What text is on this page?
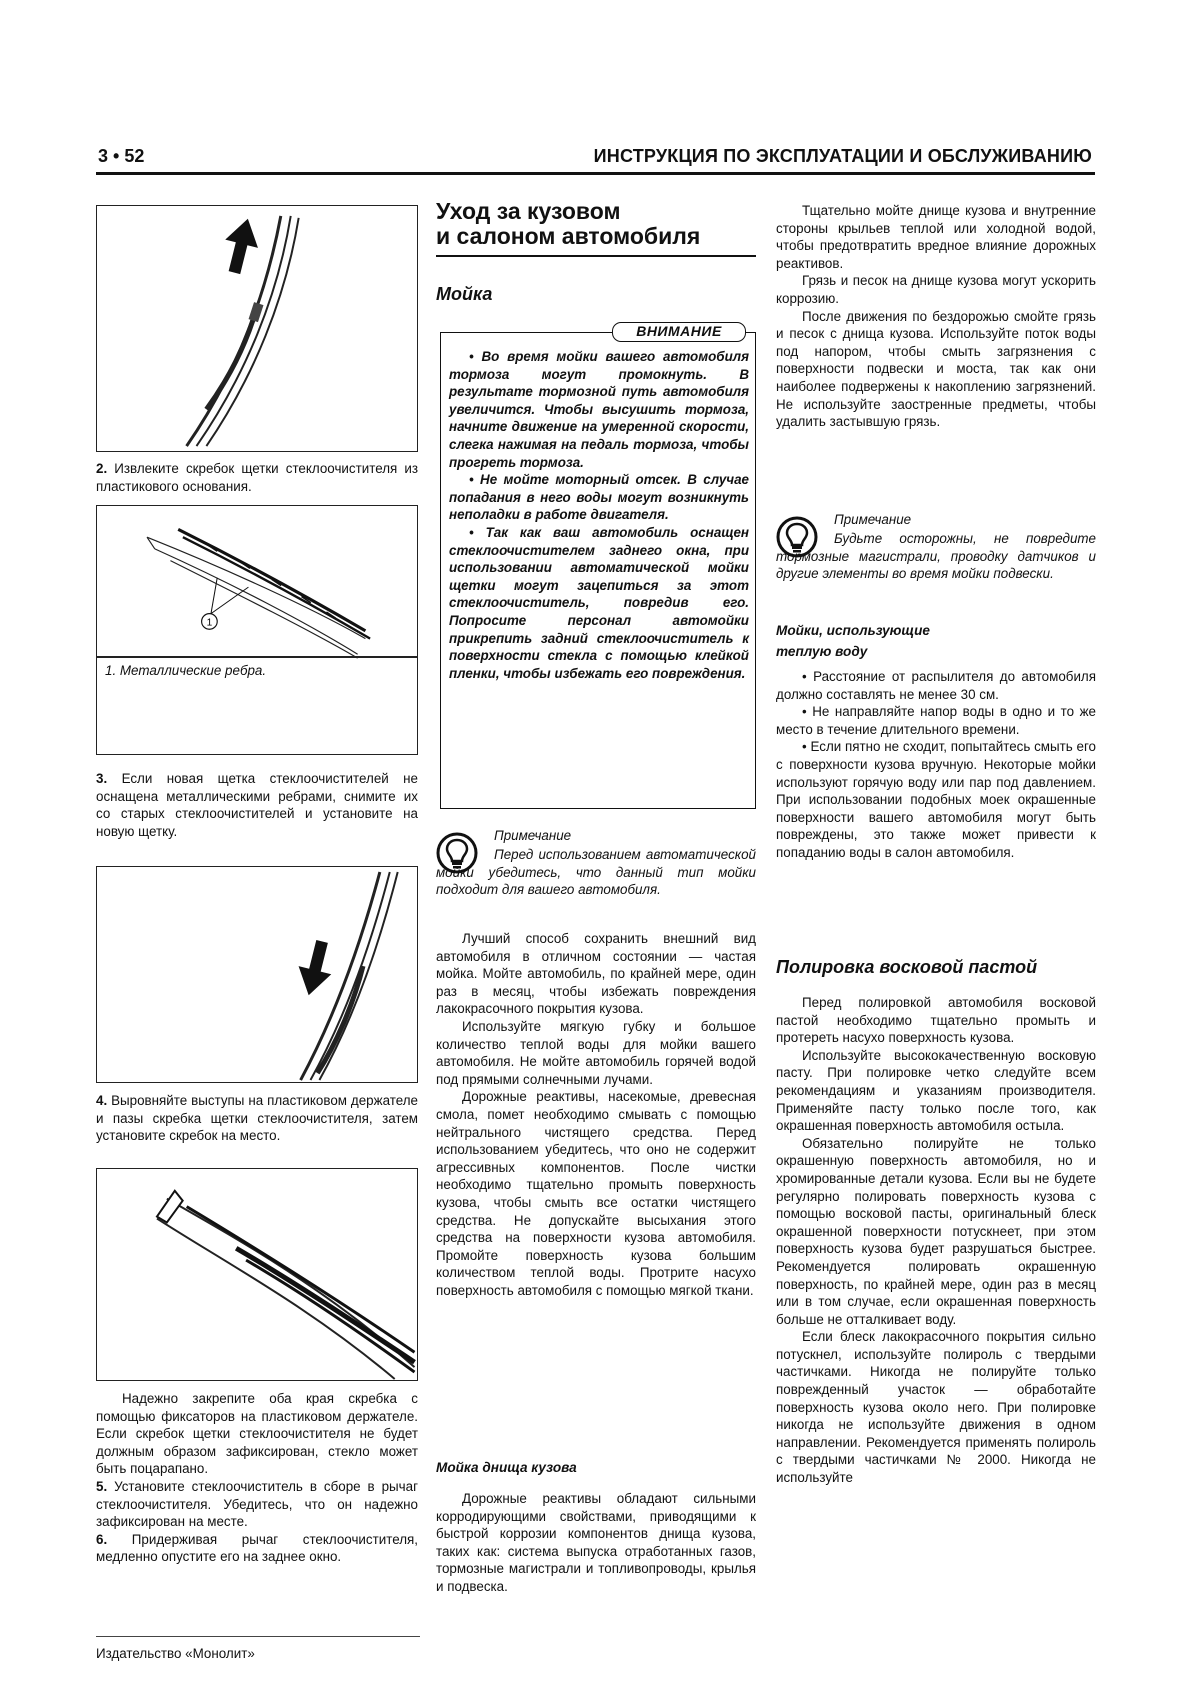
3 • 52	ИНСТРУКЦИЯ ПО ЭКСПЛУАТАЦИИ И ОБСЛУЖИВАНИЮ
2. Извлеките скребок щетки стеклоочистителя из пластикового основания.
1
1. Металлические ребра.
3. Если новая щетка стеклоочистителей не оснащена металлическими ребрами, снимите их со старых стеклоочистителей и установите на новую щетку.
4. Выровняйте выступы на пластиковом держателе и пазы скребка щетки стеклоочистителя, затем установите скребок на место.

Надежно закрепите оба края скребка с помощью фиксаторов на пластиковом держателе. Если скребок щетки стеклоочистителя не будет должным образом зафиксирован, стекло может быть поцарапано.

5. Установите стеклоочиститель в сборе в рычаг стеклоочистителя. Убедитесь, что он надежно зафиксирован на месте.

6. Придерживая рычаг стеклоочистителя, медленно опустите его на заднее окно.

Уход за кузовом
и салоном автомобиля
Мойка
ВНИМАНИЕ

• Во время мойки вашего автомобиля тормоза могут промокнуть. В результате тормозной путь автомобиля увеличится. Чтобы высушить тормоза, начните движение на умеренной скорости, слегка нажимая на педаль тормоза, чтобы прогреть тормоза.

• Не мойте моторный отсек. В случае попадания в него воды могут возникнуть неполадки в работе двигателя.

• Так как ваш автомобиль оснащен стеклоочистителем заднего окна, при использовании автоматической мойки щетки могут зацепиться за этот стеклоочиститель, повредив его. Попросите персонал автомойки прикрепить задний стеклоочиститель к поверхности стекла с помощью клейкой пленки, чтобы избежать его повреждения.

Примечание
Перед использованием автоматической мойки убедитесь, что данный тип мойки подходит для вашего автомобиля.

Лучший способ сохранить внешний вид автомобиля в отличном состоянии — частая мойка. Мойте автомобиль, по крайней мере, один раз в месяц, чтобы избежать повреждения лакокрасочного покрытия кузова.

Используйте мягкую губку и большое количество теплой воды для мойки вашего автомобиля. Не мойте автомобиль горячей водой под прямыми солнечными лучами.

Дорожные реактивы, насекомые, древесная смола, помет необходимо смывать с помощью нейтрального чистящего средства. Перед использованием убедитесь, что оно не содержит агрессивных компонентов. После чистки необходимо тщательно промыть поверхность кузова, чтобы смыть все остатки чистящего средства. Не допускайте высыхания этого средства на поверхности кузова автомобиля. Промойте поверхность кузова большим количеством теплой воды. Протрите насухо поверхность автомобиля с помощью мягкой ткани.

Мойка днища кузова

Дорожные реактивы обладают сильными корродирующими свойствами, приводящими к быстрой коррозии компонентов днища кузова, таких как: система выпуска отработанных газов, тормозные магистрали и топливопроводы, крылья и подвеска.

Тщательно мойте днище кузова и внутренние стороны крыльев теплой или холодной водой, чтобы предотвратить вредное влияние дорожных реактивов.

Грязь и песок на днище кузова могут ускорить коррозию.

После движения по бездорожью смойте грязь и песок с днища кузова. Используйте поток воды под напором, чтобы смыть загрязнения с поверхности подвески и моста, так как они наиболее подвержены к накоплению загрязнений. Не используйте заостренные предметы, чтобы удалить застывшую грязь.

Примечание
Будьте осторожны, не повредите тормозные магистрали, проводку датчиков и другие элементы во время мойки подвески.
Мойки, использующие теплую воду

• Расстояние от распылителя до автомобиля должно составлять не менее 30 см.

• Не направляйте напор воды в одно и то же место в течение длительного времени.

• Если пятно не сходит, попытайтесь смыть его с поверхности кузова вручную. Некоторые мойки используют горячую воду или пар под давлением. При использовании подобных моек окрашенные поверхности вашего автомобиля могут быть повреждены, это также может привести к попаданию воды в салон автомобиля.

Полировка восковой пастой

Перед полировкой автомобиля восковой пастой необходимо тщательно промыть и протереть насухо поверхность кузова.

Используйте высококачественную восковую пасту. При полировке четко следуйте всем рекомендациям и указаниям производителя. Применяйте пасту только после того, как окрашенная поверхность автомобиля остыла.

Обязательно полируйте не только окрашенную поверхность автомобиля, но и хромированные детали кузова. Если вы не будете регулярно полировать поверхность кузова с помощью восковой пасты, оригинальный блеск окрашенной поверхности потускнеет, при этом поверхность кузова будет разрушаться быстрее. Рекомендуется полировать окрашенную поверхность, по крайней мере, один раз в месяц или в том случае, если окрашенная поверхность больше не отталкивает воду.

Если блеск лакокрасочного покрытия сильно потускнел, используйте полироль с твердыми частичками. Никогда не полируйте только поврежденный участок — обработайте поверхность кузова около него. При полировке никогда не используйте движения в одном направлении. Рекомендуется применять полироль с твердыми частичками № 2000. Никогда не используйте

Издательство «Монолит»
